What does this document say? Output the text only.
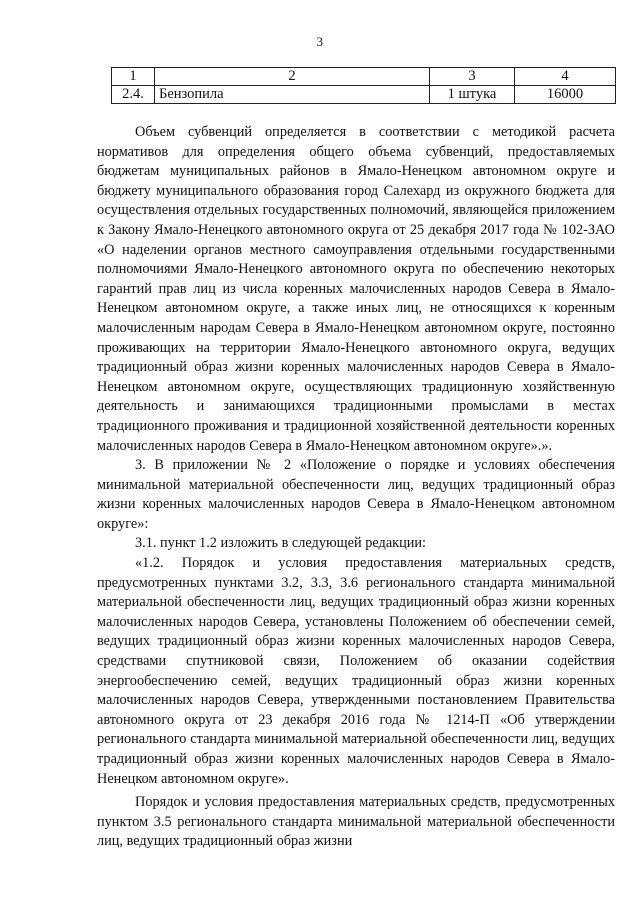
3
1	2	3	4
2.4.	Бензопила	1 штука	16000

Объем субвенций определяется в соответствии с методикой расчета нормативов для определения общего объема субвенций, предоставляемых бюджетам муниципальных районов в Ямало-Ненецком автономном округе и бюджету муниципального образования город Салехард из окружного бюджета для осуществления отдельных государственных полномочий, являющейся приложением к Закону Ямало-Ненецкого автономного округа от 25 декабря 2017 года № 102-ЗАО «О наделении органов местного самоуправления отдельными государственными полномочиями Ямало-Ненецкого автономного округа по обеспечению некоторых гарантий прав лиц из числа коренных малочисленных народов Севера в Ямало-Ненецком автономном округе, а также иных лиц, не относящихся к коренным малочисленным народам Севера в Ямало-Ненецком автономном округе, постоянно проживающих на территории Ямало-Ненецкого автономного округа, ведущих традиционный образ жизни коренных малочисленных народов Севера в Ямало-Ненецком автономном округе, осуществляющих традиционную хозяйственную деятельность и занимающихся традиционными промыслами в местах традиционного проживания и традиционной хозяйственной деятельности коренных малочисленных народов Севера в Ямало-Ненецком автономном округе».».

3. В приложении № 2 «Положение о порядке и условиях обеспечения минимальной материальной обеспеченности лиц, ведущих традиционный образ жизни коренных малочисленных народов Севера в Ямало-Ненецком автономном округе»:

3.1. пункт 1.2 изложить в следующей редакции:

«1.2. Порядок и условия предоставления материальных средств, предусмотренных пунктами 3.2, 3.3, 3.6 регионального стандарта минимальной материальной обеспеченности лиц, ведущих традиционный образ жизни коренных малочисленных народов Севера, установлены Положением об обеспечении семей, ведущих традиционный образ жизни коренных малочисленных народов Севера, средствами спутниковой связи, Положением об оказании содействия энергообеспечению семей, ведущих традиционный образ жизни коренных малочисленных народов Севера, утвержденными постановлением Правительства автономного округа от 23 декабря 2016 года № 1214-П «Об утверждении регионального стандарта минимальной материальной обеспеченности лиц, ведущих традиционный образ жизни коренных малочисленных народов Севера в Ямало-Ненецком автономном округе».

Порядок и условия предоставления материальных средств, предусмотренных пунктом 3.5 регионального стандарта минимальной материальной обеспеченности лиц, ведущих традиционный образ жизни
